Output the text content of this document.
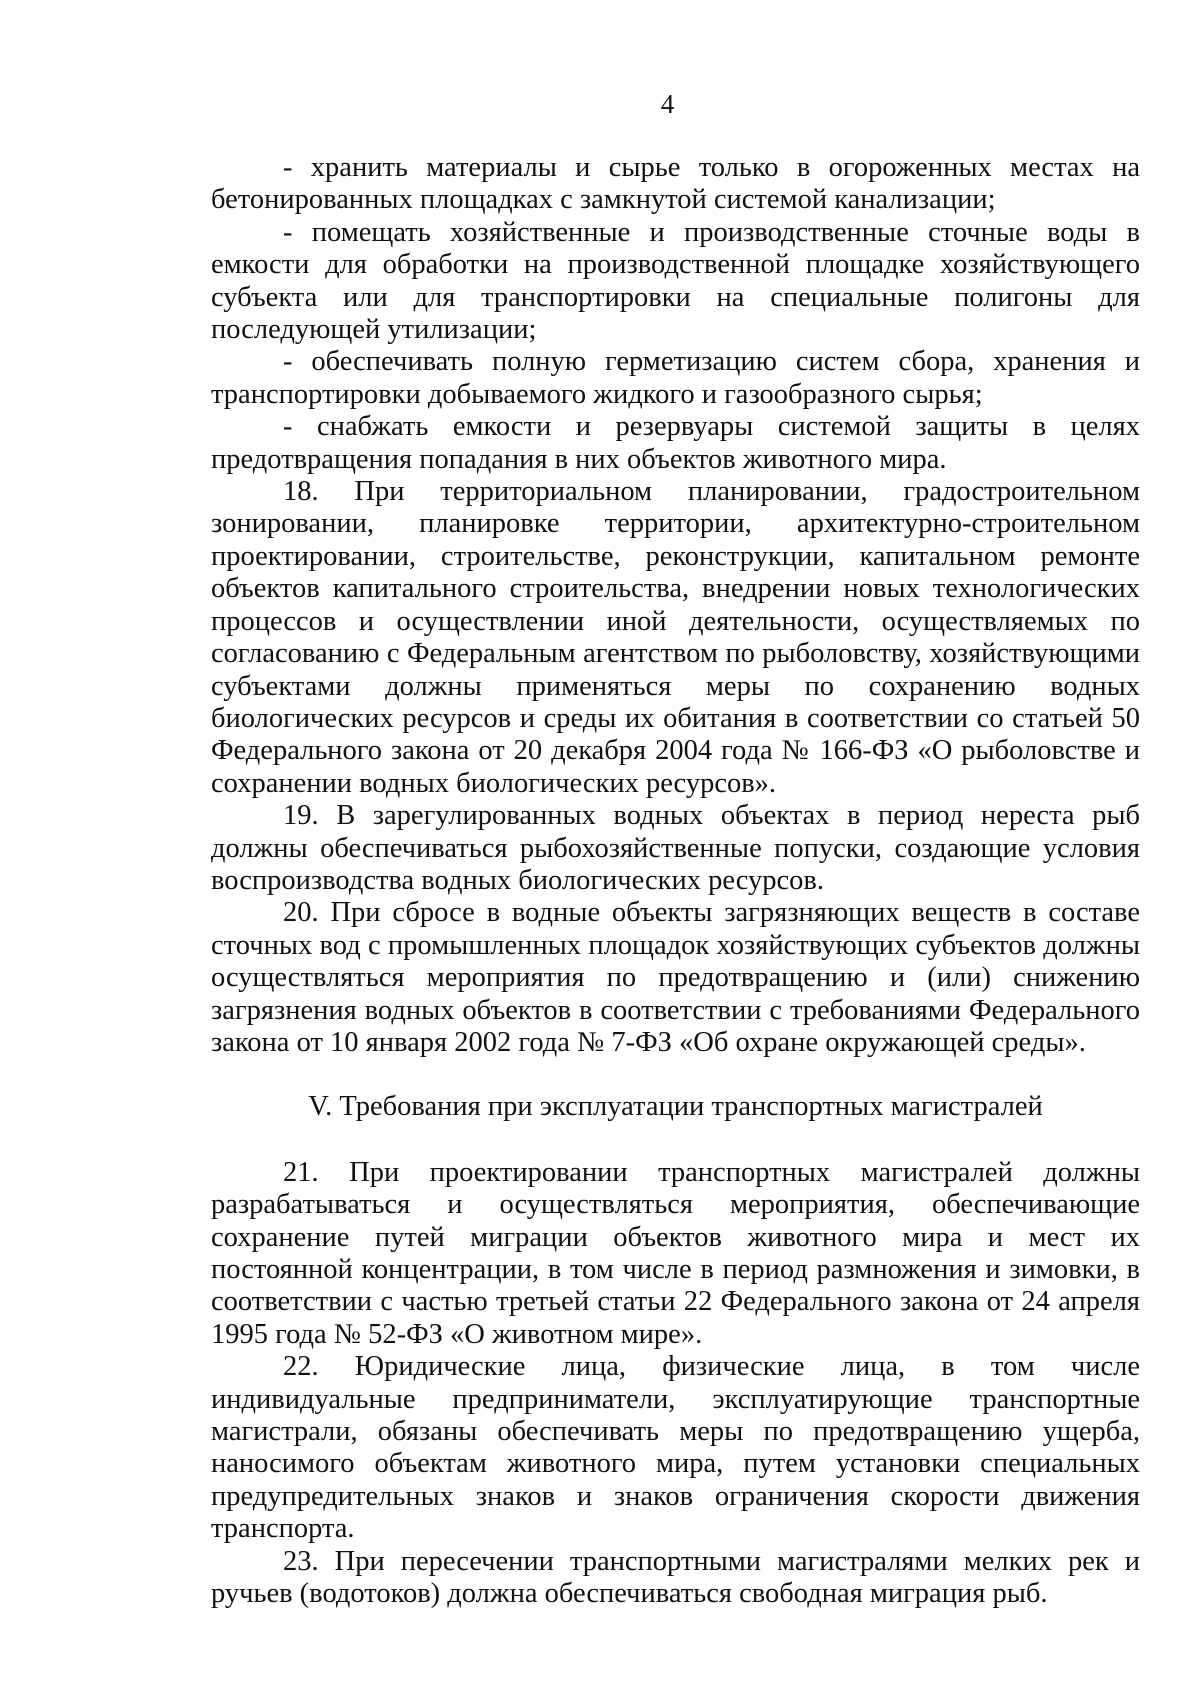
4

- хранить материалы и сырье только в огороженных местах на бетонированных площадках с замкнутой системой канализации;

- помещать хозяйственные и производственные сточные воды в емкости для обработки на производственной площадке хозяйствующего субъекта или для транспортировки на специальные полигоны для последующей утилизации;

- обеспечивать полную герметизацию систем сбора, хранения и транспортировки добываемого жидкого и газообразного сырья;

- снабжать емкости и резервуары системой защиты в целях предотвращения попадания в них объектов животного мира.

18. При территориальном планировании, градостроительном зонировании, планировке территории, архитектурно-строительном проектировании, строительстве, реконструкции, капитальном ремонте объектов капитального строительства, внедрении новых технологических процессов и осуществлении иной деятельности, осуществляемых по согласованию с Федеральным агентством по рыболовству, хозяйствующими субъектами должны применяться меры по сохранению водных биологических ресурсов и среды их обитания в соответствии со статьей 50 Федерального закона от 20 декабря 2004 года № 166-ФЗ «О рыболовстве и сохранении водных биологических ресурсов».

19. В зарегулированных водных объектах в период нереста рыб должны обеспечиваться рыбохозяйственные попуски, создающие условия воспроизводства водных биологических ресурсов.

20. При сбросе в водные объекты загрязняющих веществ в составе сточных вод с промышленных площадок хозяйствующих субъектов должны осуществляться мероприятия по предотвращению и (или) снижению загрязнения водных объектов в соответствии с требованиями Федерального закона от 10 января 2002 года № 7-ФЗ «Об охране окружающей среды».

V. Требования при эксплуатации транспортных магистралей

21. При проектировании транспортных магистралей должны разрабатываться и осуществляться мероприятия, обеспечивающие сохранение путей миграции объектов животного мира и мест их постоянной концентрации, в том числе в период размножения и зимовки, в соответствии с частью третьей статьи 22 Федерального закона от 24 апреля 1995 года № 52-ФЗ «О животном мире».

22. Юридические лица, физические лица, в том числе индивидуальные предприниматели, эксплуатирующие транспортные магистрали, обязаны обеспечивать меры по предотвращению ущерба, наносимого объектам животного мира, путем установки специальных предупредительных знаков и знаков ограничения скорости движения транспорта.

23. При пересечении транспортными магистралями мелких рек и ручьев (водотоков) должна обеспечиваться свободная миграция рыб.
